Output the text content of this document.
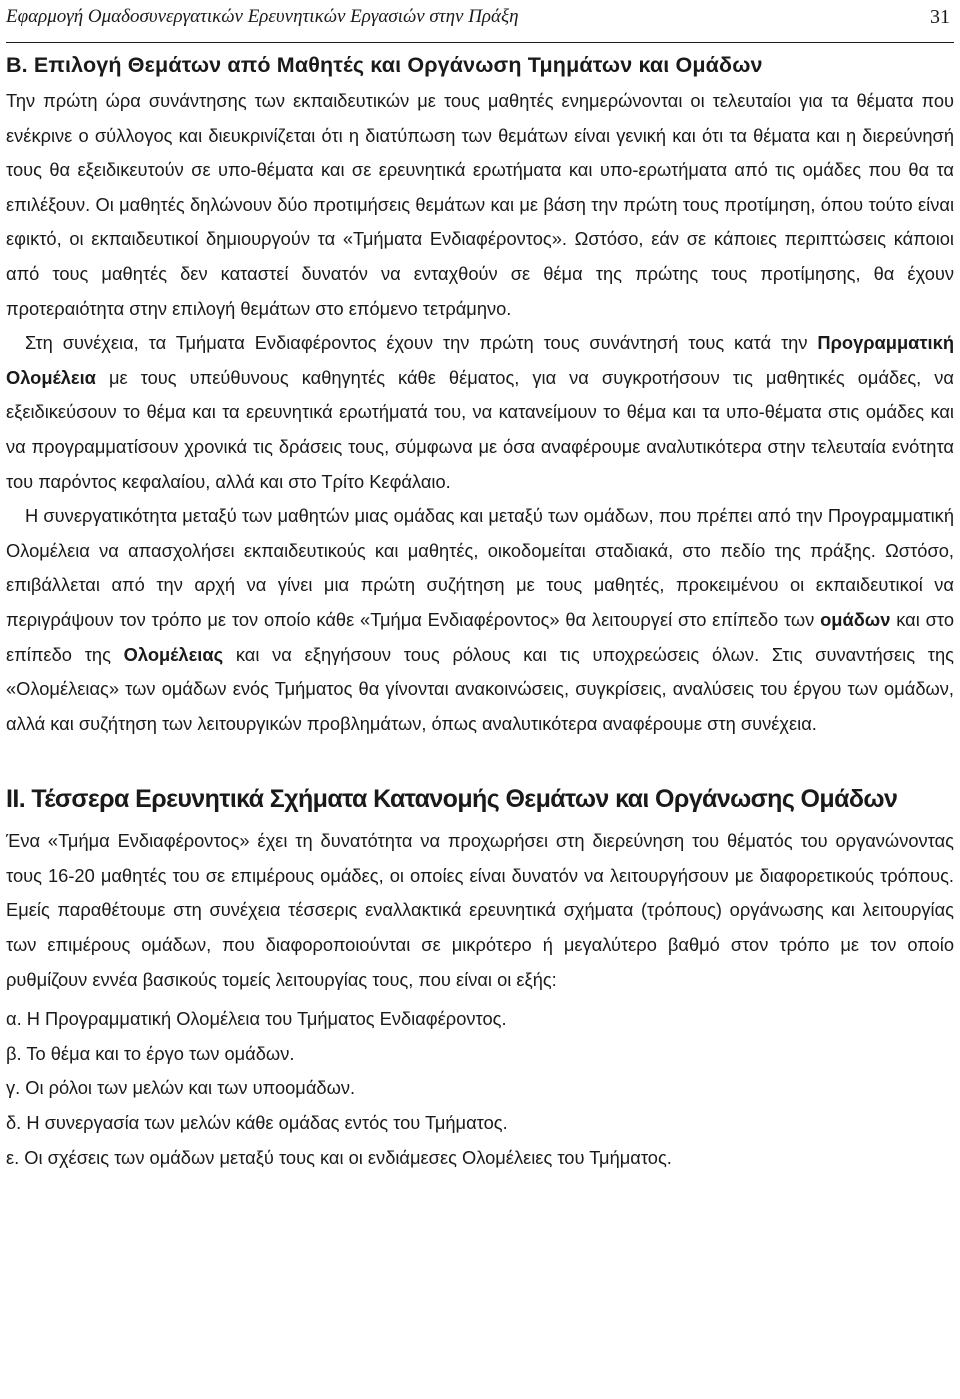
Εφαρμογή Ομαδοσυνεργατικών Ερευνητικών Εργασιών στην Πράξη	31
B. Επιλογή Θεμάτων από Μαθητές και Οργάνωση Τμημάτων και Ομάδων

Την πρώτη ώρα συνάντησης των εκπαιδευτικών με τους μαθητές ενημερώνονται οι τελευταίοι για τα θέματα που ενέκρινε ο σύλλογος και διευκρινίζεται ότι η διατύπωση των θεμάτων είναι γενική και ότι τα θέματα και η διερεύνησή τους θα εξειδικευτούν σε υπο-θέματα και σε ερευνητικά ερωτήματα και υπο-ερωτήματα από τις ομάδες που θα τα επιλέξουν. Οι μαθητές δηλώνουν δύο προτιμήσεις θεμάτων και με βάση την πρώτη τους προτίμηση, όπου τούτο είναι εφικτό, οι εκπαιδευτικοί δημιουργούν τα «Τμήματα Ενδιαφέροντος». Ωστόσο, εάν σε κάποιες περιπτώσεις κάποιοι από τους μαθητές δεν καταστεί δυνατόν να ενταχθούν σε θέμα της πρώτης τους προτίμησης, θα έχουν προτεραιότητα στην επιλογή θεμάτων στο επόμενο τετράμηνο.

Στη συνέχεια, τα Τμήματα Ενδιαφέροντος έχουν την πρώτη τους συνάντησή τους κατά την Προγραμματική Ολομέλεια με τους υπεύθυνους καθηγητές κάθε θέματος, για να συγκροτήσουν τις μαθητικές ομάδες, να εξειδικεύσουν το θέμα και τα ερευνητικά ερωτήματά του, να κατανείμουν το θέμα και τα υπο-θέματα στις ομάδες και να προγραμματίσουν χρονικά τις δράσεις τους, σύμφωνα με όσα αναφέρουμε αναλυτικότερα στην τελευταία ενότητα του παρόντος κεφαλαίου, αλλά και στο Τρίτο Κεφάλαιο.

Η συνεργατικότητα μεταξύ των μαθητών μιας ομάδας και μεταξύ των ομάδων, που πρέπει από την Προγραμματική Ολομέλεια να απασχολήσει εκπαιδευτικούς και μαθητές, οικοδομείται σταδιακά, στο πεδίο της πράξης. Ωστόσο, επιβάλλεται από την αρχή να γίνει μια πρώτη συζήτηση με τους μαθητές, προκειμένου οι εκπαιδευτικοί να περιγράψουν τον τρόπο με τον οποίο κάθε «Τμήμα Ενδιαφέροντος» θα λειτουργεί στο επίπεδο των ομάδων και στο επίπεδο της Ολομέλειας και να εξηγήσουν τους ρόλους και τις υποχρεώσεις όλων. Στις συναντήσεις της «Ολομέλειας» των ομάδων ενός Τμήματος θα γίνονται ανακοινώσεις, συγκρίσεις, αναλύσεις του έργου των ομάδων, αλλά και συζήτηση των λειτουργικών προβλημάτων, όπως αναλυτικότερα αναφέρουμε στη συνέχεια.

ΙΙ. Τέσσερα Ερευνητικά Σχήματα Κατανομής Θεμάτων και Οργάνωσης Ομάδων

Ένα «Τμήμα Ενδιαφέροντος» έχει τη δυνατότητα να προχωρήσει στη διερεύνηση του θέματός του οργανώνοντας τους 16-20 μαθητές του σε επιμέρους ομάδες, οι οποίες είναι δυνατόν να λειτουργήσουν με διαφορετικούς τρόπους. Εμείς παραθέτουμε στη συνέχεια τέσσερις εναλλακτικά ερευνητικά σχήματα (τρόπους) οργάνωσης και λειτουργίας των επιμέρους ομάδων, που διαφοροποιούνται σε μικρότερο ή μεγαλύτερο βαθμό στον τρόπο με τον οποίο ρυθμίζουν εννέα βασικούς τομείς λειτουργίας τους, που είναι οι εξής:

α. Η Προγραμματική Ολομέλεια του Τμήματος Ενδιαφέροντος.
β. Το θέμα και το έργο των ομάδων.
γ. Οι ρόλοι των μελών και των υποομάδων.
δ. Η συνεργασία των μελών κάθε ομάδας εντός του Τμήματος.
ε. Οι σχέσεις των ομάδων μεταξύ τους και οι ενδιάμεσες Ολομέλειες του Τμήματος.
